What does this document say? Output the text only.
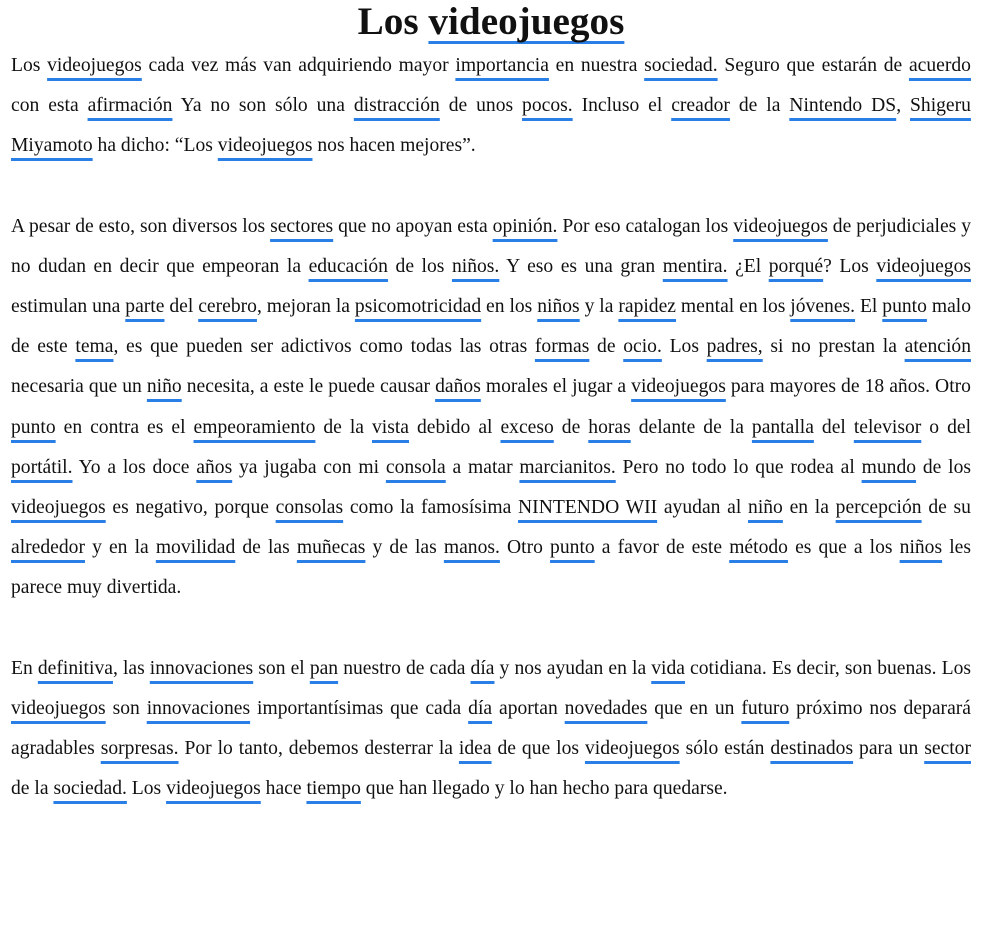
Los videojuegos

Los videojuegos cada vez más van adquiriendo mayor importancia en nuestra sociedad. Seguro que estarán de acuerdo con esta afirmación Ya no son sólo una distracción de unos pocos. Incluso el creador de la Nintendo DS, Shigeru Miyamoto ha dicho: “Los videojuegos nos hacen mejores”.

A pesar de esto, son diversos los sectores que no apoyan esta opinión. Por eso catalogan los videojuegos de perjudiciales y no dudan en decir que empeoran la educación de los niños. Y eso es una gran mentira. ¿El porqué? Los videojuegos estimulan una parte del cerebro, mejoran la psicomotricidad en los niños y la rapidez mental en los jóvenes. El punto malo de este tema, es que pueden ser adictivos como todas las otras formas de ocio. Los padres, si no prestan la atención necesaria que un niño necesita, a este le puede causar daños morales el jugar a videojuegos para mayores de 18 años. Otro punto en contra es el empeoramiento de la vista debido al exceso de horas delante de la pantalla del televisor o del portátil. Yo a los doce años ya jugaba con mi consola a matar marcianitos. Pero no todo lo que rodea al mundo de los videojuegos es negativo, porque consolas como la famosísima NINTENDO WII ayudan al niño en la percepción de su alrededor y en la movilidad de las muñecas y de las manos. Otro punto a favor de este método es que a los niños les parece muy divertida.

En definitiva, las innovaciones son el pan nuestro de cada día y nos ayudan en la vida cotidiana. Es decir, son buenas. Los videojuegos son innovaciones importantísimas que cada día aportan novedades que en un futuro próximo nos deparará agradables sorpresas. Por lo tanto, debemos desterrar la idea de que los videojuegos sólo están destinados para un sector de la sociedad. Los videojuegos hace tiempo que han llegado y lo han hecho para quedarse.
